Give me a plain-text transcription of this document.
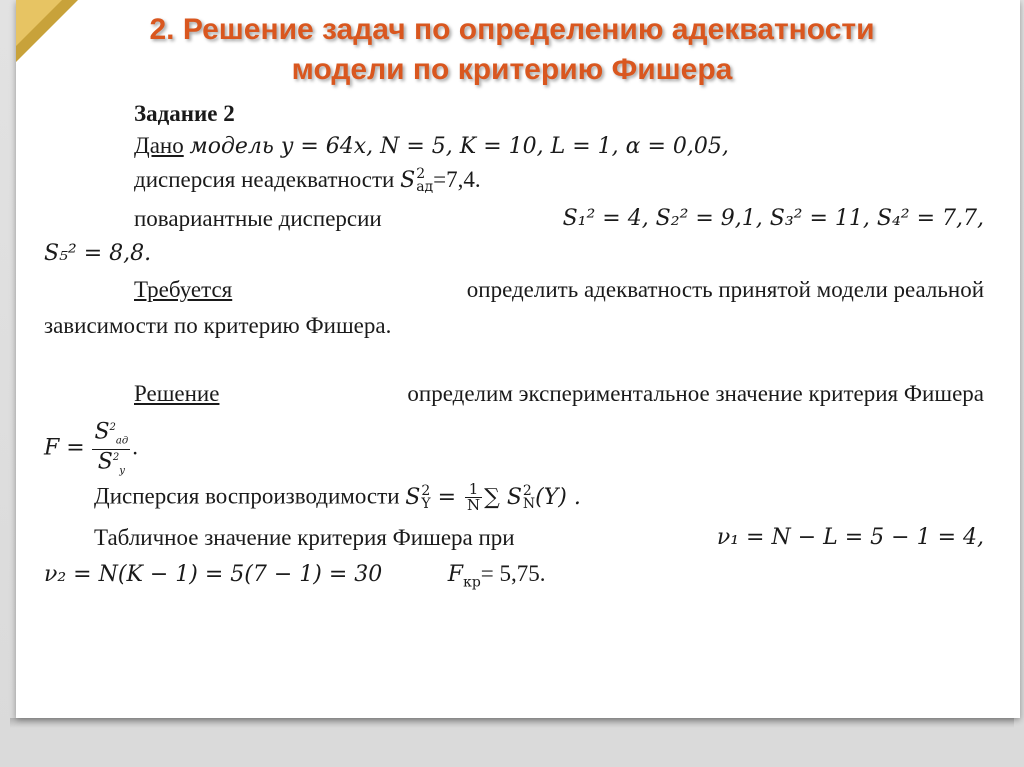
2. Решение задач по определению адекватности
модели по критерию Фишера
Задание 2
Дано модель y = 64x, N = 5, K = 10, L = 1, α = 0,05,
дисперсия неадекватности S 2
ад =7,4.
повариантные дисперсии	S₁² = 4, S₂² = 9,1, S₃² = 11, S₄² = 7,7,
S₅² = 8,8.
Требуется	определить адекватность принятой модели реальной
зависимости по критерию Фишера.
Решение	определим экспериментальное значение критерия Фишера
$F = \frac{S^2_{ад}}{S^2_y}$ .
Дисперсия воспроизводимости S 2
$Y = \frac{1}{N}$ ∑ S 2
N (Y) .
Табличное значение критерия Фишера при	ν₁ = N − L = 5 − 1 = 4,
ν₂ = N(K − 1) = 5(7 − 1) = 30	$F_{кр}= 5,75$.
